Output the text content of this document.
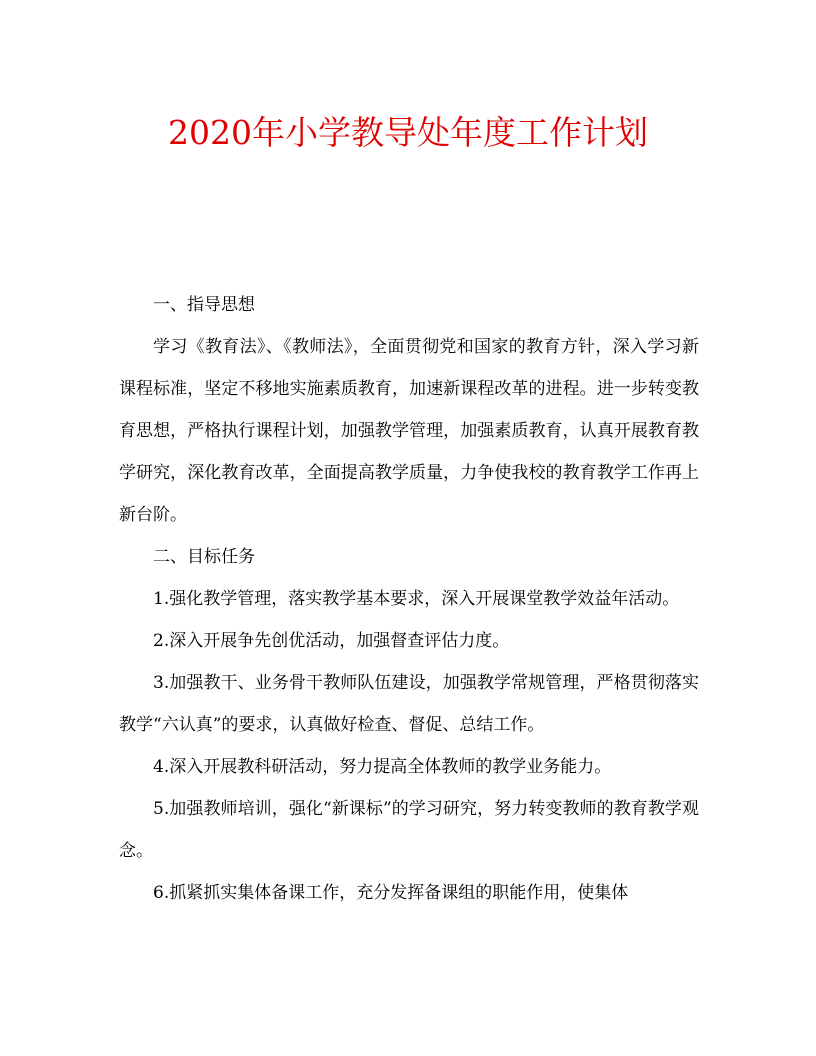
2020年小学教导处年度工作计划

一、指导思想

学习《教育法》、《教师法》，全面贯彻党和国家的教育方针，深入学习新课程标准，坚定不移地实施素质教育，加速新课程改革的进程。进一步转变教育思想，严格执行课程计划，加强教学管理，加强素质教育，认真开展教育教学研究，深化教育改革，全面提高教学质量，力争使我校的教育教学工作再上新台阶。

二、目标任务

1.强化教学管理，落实教学基本要求，深入开展课堂教学效益年活动。

2.深入开展争先创优活动，加强督查评估力度。

3.加强教干、业务骨干教师队伍建设，加强教学常规管理，严格贯彻落实教学“六认真”的要求，认真做好检查、督促、总结工作。

4.深入开展教科研活动，努力提高全体教师的教学业务能力。

5.加强教师培训，强化“新课标”的学习研究，努力转变教师的教育教学观念。

6.抓紧抓实集体备课工作，充分发挥备课组的职能作用，使集体
